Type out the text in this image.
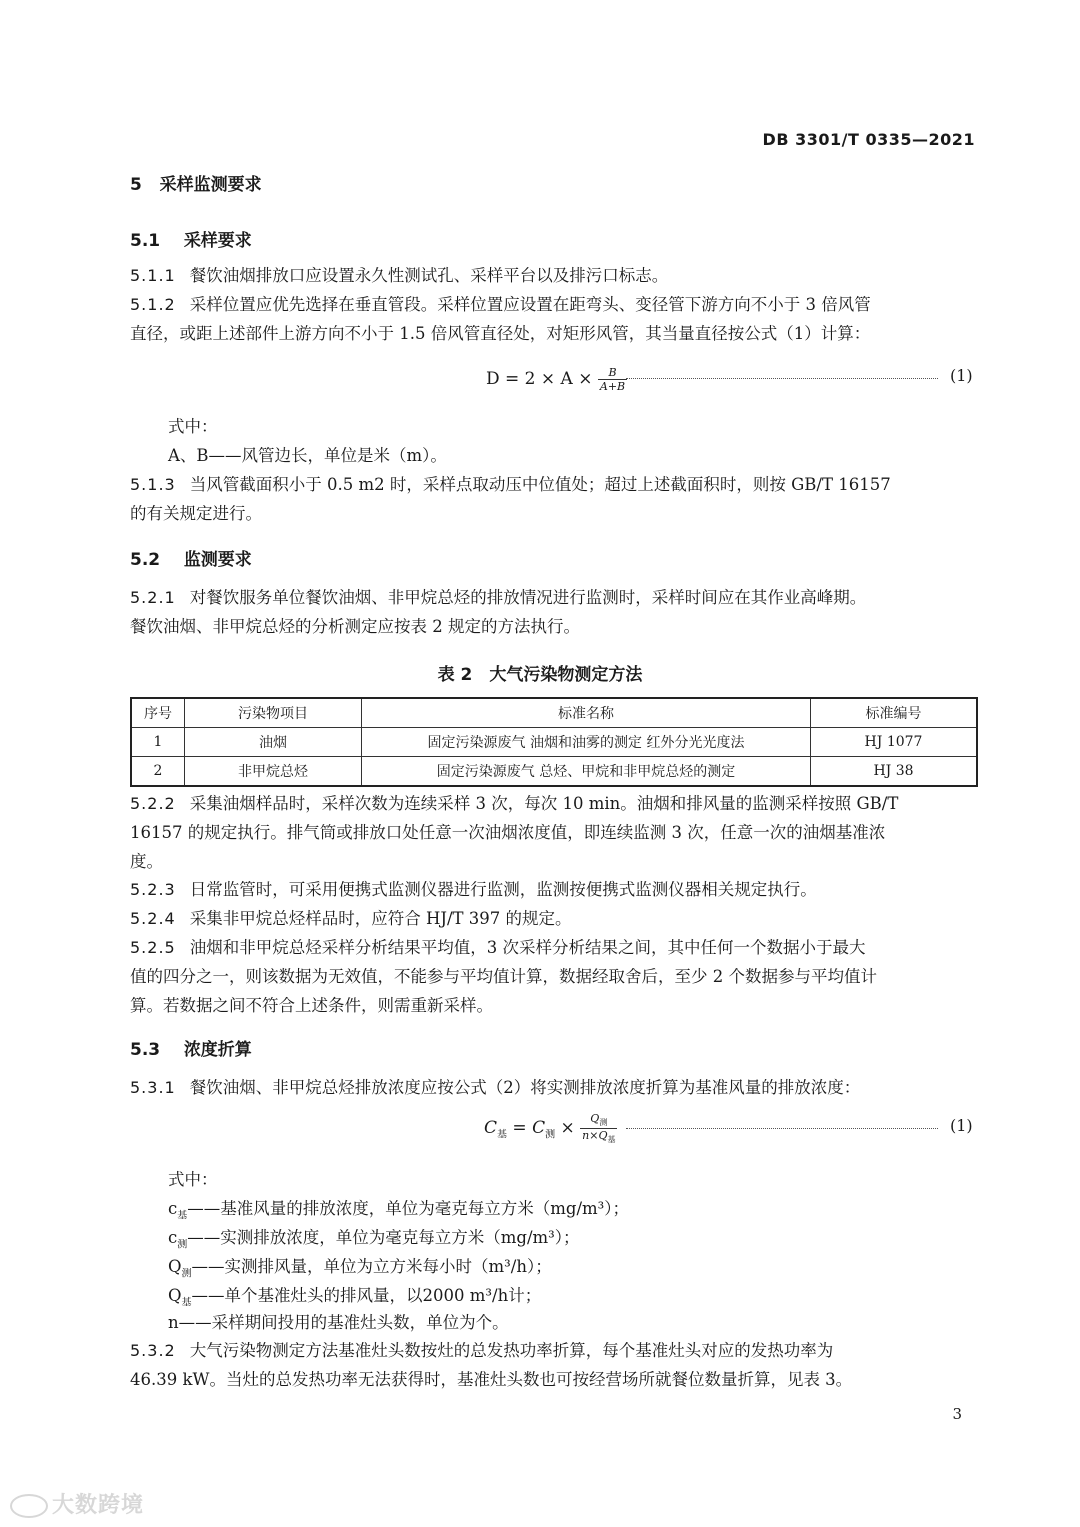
DB 3301/T 0335—2021
5 采样监测要求
5.1 采样要求
5.1.1 餐饮油烟排放口应设置永久性测试孔、采样平台以及排污口标志。
5.1.2 采样位置应优先选择在垂直管段。采样位置应设置在距弯头、变径管下游方向不小于 3 倍风管
直径，或距上述部件上游方向不小于 1.5 倍风管直径处，对矩形风管，其当量直径按公式（1）计算：
$D = 2 \times A \times \frac{B}{A+B}$	(1)
式中：
A、B——风管边长，单位是米（m）。
5.1.3 当风管截面积小于 0.5 m2 时，采样点取动压中位值处；超过上述截面积时，则按 GB/T 16157
的有关规定进行。
5.2 监测要求
5.2.1 对餐饮服务单位餐饮油烟、非甲烷总烃的排放情况进行监测时，采样时间应在其作业高峰期。
餐饮油烟、非甲烷总烃的分析测定应按表 2 规定的方法执行。
表 2　大气污染物测定方法
序号	污染物项目	标准名称	标准编号
1	油烟	固定污染源废气 油烟和油雾的测定 红外分光光度法	HJ 1077
2	非甲烷总烃	固定污染源废气 总烃、甲烷和非甲烷总烃的测定	HJ 38
5.2.2 采集油烟样品时，采样次数为连续采样 3 次，每次 10 min。油烟和排风量的监测采样按照 GB/T
16157 的规定执行。排气筒或排放口处任意一次油烟浓度值，即连续监测 3 次，任意一次的油烟基准浓
度。
5.2.3 日常监管时，可采用便携式监测仪器进行监测，监测按便携式监测仪器相关规定执行。
5.2.4 采集非甲烷总烃样品时，应符合 HJ/T 397 的规定。
5.2.5 油烟和非甲烷总烃采样分析结果平均值，3 次采样分析结果之间，其中任何一个数据小于最大
值的四分之一，则该数据为无效值，不能参与平均值计算，数据经取舍后，至少 2 个数据参与平均值计
算。若数据之间不符合上述条件，则需重新采样。
5.3 浓度折算
5.3.1 餐饮油烟、非甲烷总烃排放浓度应按公式（2）将实测排放浓度折算为基准风量的排放浓度：
$C_基 = C_测 \times \frac{Q_测}{n\times Q_基}$	(1)
式中：
$c_基——$基准风量的排放浓度，单位为毫克每立方米（mg/m³）；
$c_测——$实测排放浓度，单位为毫克每立方米（mg/m³）；
$Q_测——$实测排风量，单位为立方米每小时（m³/h）；
$Q_基——$单个基准灶头的排风量，以2000 m³/h计；
n——采样期间投用的基准灶头数，单位为个。
5.3.2 大气污染物测定方法基准灶头数按灶的总发热功率折算，每个基准灶头对应的发热功率为
46.39 kW。当灶的总发热功率无法获得时，基准灶头数也可按经营场所就餐位数量折算，见表 3。
3
大数跨境
